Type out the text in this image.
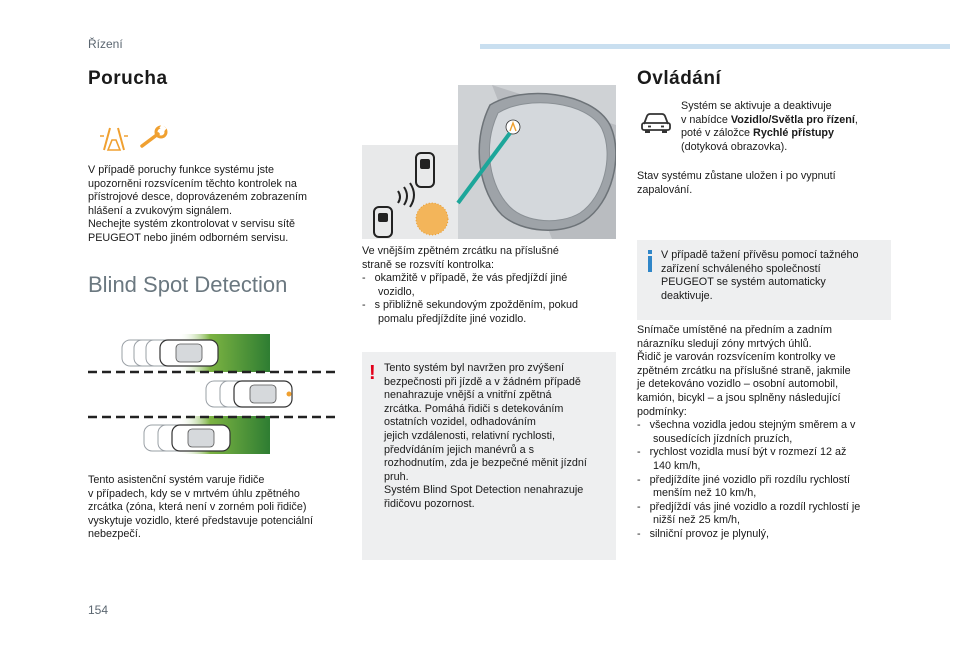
Řízení
Porucha
V případě poruchy funkce systému jste
upozorněni rozsvícením těchto kontrolek na
přístrojové desce, doprovázeném zobrazením
hlášení a zvukovým signálem.
Nechejte systém zkontrolovat v servisu sítě
PEUGEOT nebo jiném odborném servisu.
Blind Spot Detection
Tento asistenční systém varuje řidiče
v případech, kdy se v mrtvém úhlu zpětného
zrcátka (zóna, která není v zorném poli řidiče)
vyskytuje vozidlo, které představuje potenciální
nebezpečí.
Ve vnějším zpětném zrcátku na příslušné
straně se rozsvítí kontrolka:
- okamžitě v případě, že vás předjíždí jiné
vozidlo,
- s přibližně sekundovým zpožděním, pokud
pomalu předjíždíte jiné vozidlo.
! Tento systém byl navržen pro zvýšení
bezpečnosti při jízdě a v žádném případě
nenahrazuje vnější a vnitřní zpětná
zrcátka. Pomáhá řidiči s detekováním
ostatních vozidel, odhadováním
jejich vzdálenosti, relativní rychlosti,
předvídáním jejich manévrů a s
rozhodnutím, zda je bezpečné měnit jízdní
pruh.
Systém Blind Spot Detection nenahrazuje
řidičovu pozornost.
Ovládání
Systém se aktivuje a deaktivuje
v nabídce Vozidlo/Světla pro řízení,
poté v záložce Rychlé přístupy
(dotyková obrazovka).
Stav systému zůstane uložen i po vypnutí
zapalování.
V případě tažení přívěsu pomocí tažného
zařízení schváleného společností
PEUGEOT se systém automaticky
deaktivuje.
Snímače umístěné na předním a zadním
nárazníku sledují zóny mrtvých úhlů.
Řidič je varován rozsvícením kontrolky ve
zpětném zrcátku na příslušné straně, jakmile
je detekováno vozidlo – osobní automobil,
kamión, bicykl – a jsou splněny následující
podmínky:
- všechna vozidla jedou stejným směrem a v
sousedících jízdních pruzích,
- rychlost vozidla musí být v rozmezí 12 až
140 km/h,
- předjíždíte jiné vozidlo při rozdílu rychlostí
menším než 10 km/h,
- předjíždí vás jiné vozidlo a rozdíl rychlostí je
nižší než 25 km/h,
- silniční provoz je plynulý,
154
